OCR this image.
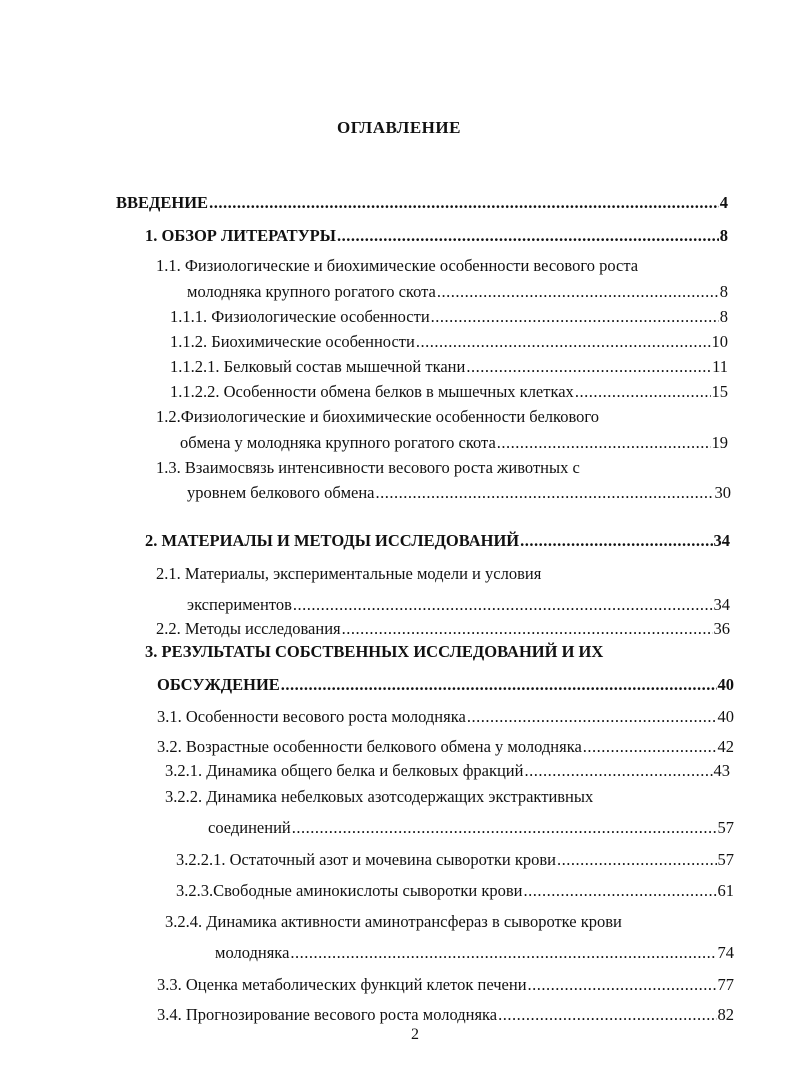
ОГЛАВЛЕНИЕ
ВВЕДЕНИЕ .....	4
1. ОБЗОР ЛИТЕРАТУРЫ .....	8
1.1. Физиологические и биохимические особенности весового роста
молодняка крупного рогатого скота .....	8
1.1.1. Физиологические особенности .....	8
1.1.2. Биохимические особенности .....	10
1.1.2.1. Белковый состав мышечной ткани .....	11
1.1.2.2. Особенности обмена белков в мышечных клетках .....	15
1.2.Физиологические и биохимические особенности белкового
обмена у молодняка крупного рогатого скота .....	19
1.3. Взаимосвязь интенсивности весового роста животных с
уровнем белкового обмена .....	30
2. МАТЕРИАЛЫ И МЕТОДЫ ИССЛЕДОВАНИЙ .....	34
2.1. Материалы, экспериментальные модели и условия
экспериментов .....	34
2.2. Методы исследования .....	36
3. РЕЗУЛЬТАТЫ СОБСТВЕННЫХ ИССЛЕДОВАНИЙ И ИХ
ОБСУЖДЕНИЕ .....	40
3.1. Особенности весового роста молодняка .....	40
3.2. Возрастные особенности белкового обмена у молодняка .....	42
3.2.1. Динамика общего белка и белковых фракций .....	43
3.2.2. Динамика небелковых азотсодержащих экстрактивных
соединений .....	57
3.2.2.1. Остаточный азот и мочевина сыворотки крови .....	57
3.2.3.Свободные аминокислоты сыворотки крови .....	61
3.2.4. Динамика активности аминотрансфераз в сыворотке крови
молодняка .....	74
3.3. Оценка метаболических функций клеток печени .....	77
3.4. Прогнозирование весового роста молодняка .....	82
2
